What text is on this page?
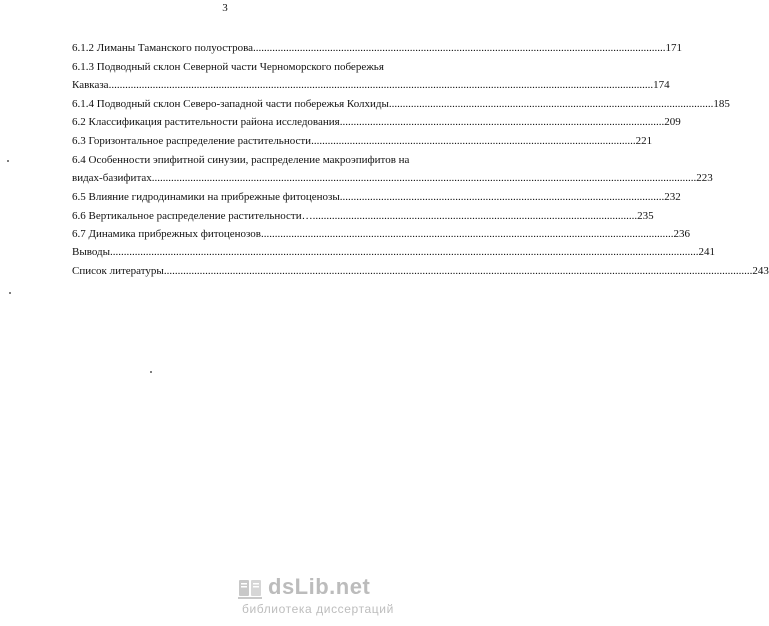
3
6.1.2 Лиманы Таманского полуострова ...................................................................................................................................................... 171
6.1.3 Подводный склон Северной части Черноморского побережья
Кавказа ...................................................................................................................................................................................................... 174
6.1.4 Подводный склон Северо-западной части побережья Колхиды ...................................................................................................................... 185
6.2 Классификация растительности района исследования ...................................................................................................................... 209
6.3 Горизонтальное распределение растительности ...................................................................................................................... 221
6.4 Особенности эпифитной синузии, распределение макроэпифитов на
видах-базифитах ...................................................................................................................................................................................................... 223
6.5 Влияние гидродинамики на прибрежные фитоценозы ...................................................................................................................... 232
6.6 Вертикальное распределение растительности… ...................................................................................................................... 235
6.7 Динамика прибрежных фитоценозов ...................................................................................................................................................... 236
Выводы ...................................................................................................................................................................................................................... 241
Список литературы ...................................................................................................................................................................................................................... 243
dsLib.net
библиотека диссертаций
